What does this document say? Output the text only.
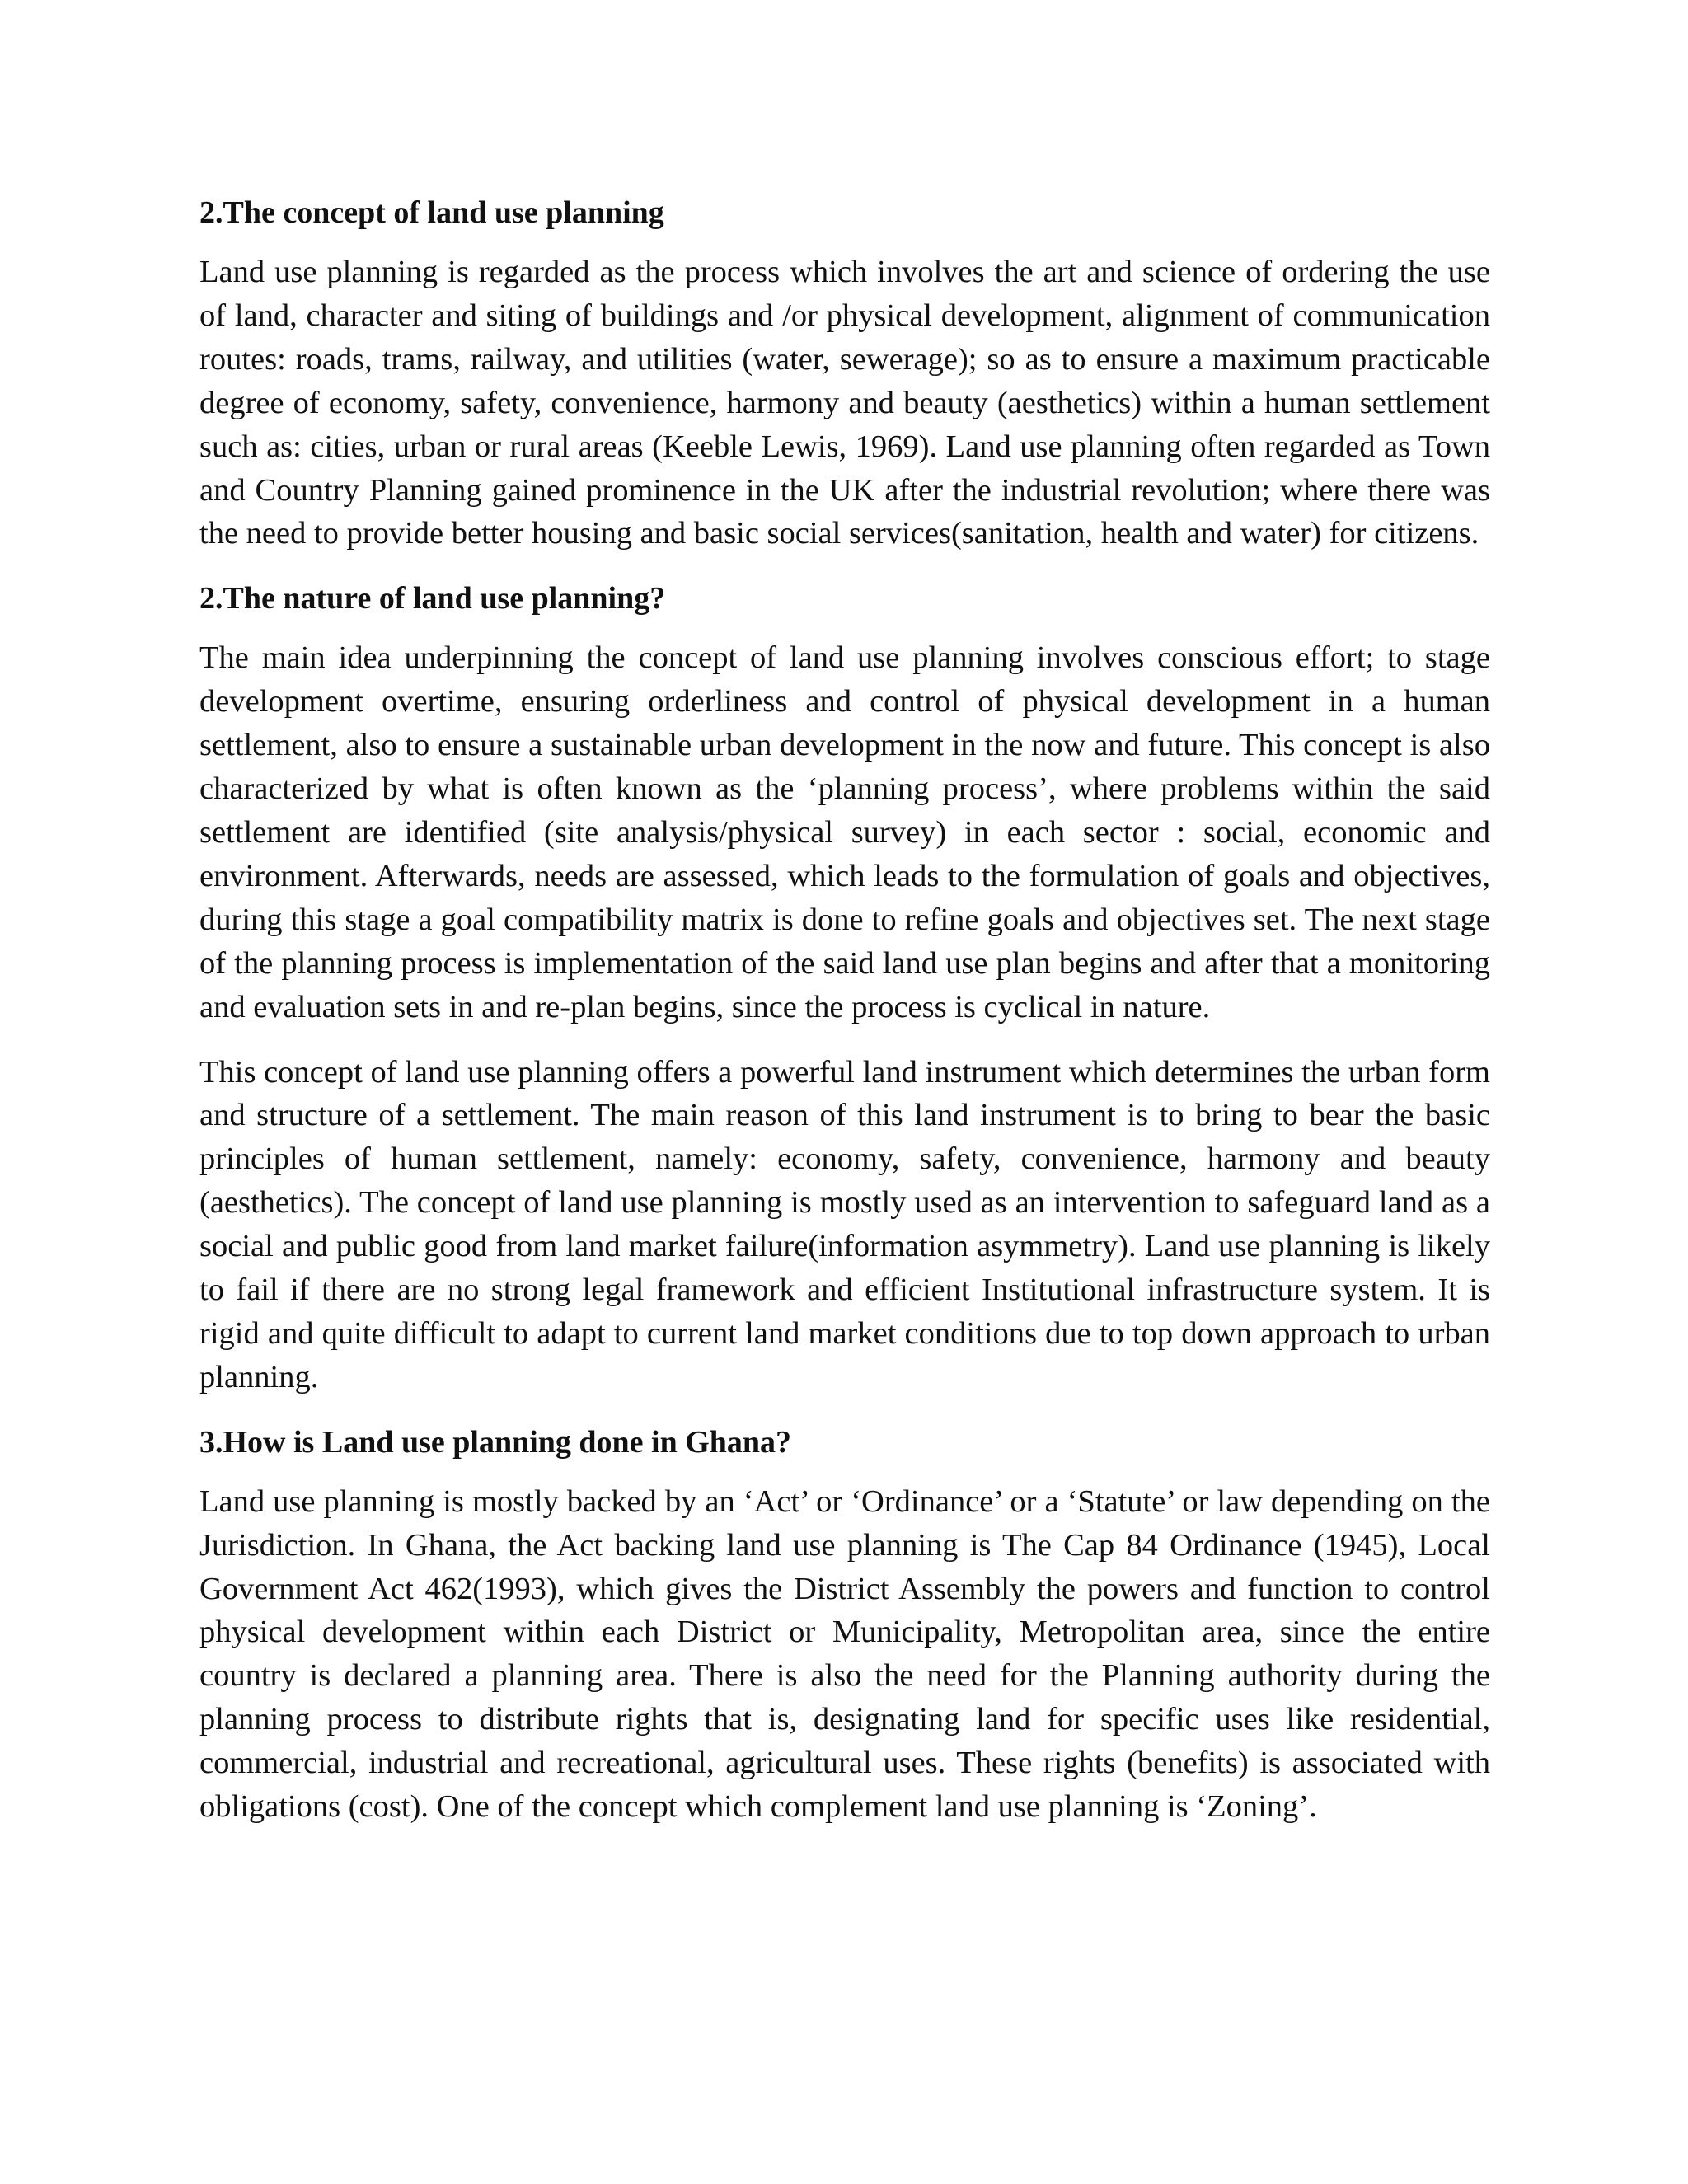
2.The concept of land use planning

Land use planning is regarded as the process which involves the art and science of ordering the use of land, character and siting of buildings and /or physical development, alignment of communication routes: roads, trams, railway, and utilities (water, sewerage); so as to ensure a maximum practicable degree of economy, safety, convenience, harmony and beauty (aesthetics) within a human settlement such as: cities, urban or rural areas (Keeble Lewis, 1969). Land use planning often regarded as Town and Country Planning gained prominence in the UK after the industrial revolution; where there was the need to provide better housing and basic social services(sanitation, health and water) for citizens.

2.The nature of land use planning?

The main idea underpinning the concept of land use planning involves conscious effort; to stage development overtime, ensuring orderliness and control of physical development in a human settlement, also to ensure a sustainable urban development in the now and future. This concept is also characterized by what is often known as the ‘planning process’, where problems within the said settlement are identified (site analysis/physical survey) in each sector : social, economic and environment. Afterwards, needs are assessed, which leads to the formulation of goals and objectives, during this stage a goal compatibility matrix is done to refine goals and objectives set. The next stage of the planning process is implementation of the said land use plan begins and after that a monitoring and evaluation sets in and re-plan begins, since the process is cyclical in nature.

This concept of land use planning offers a powerful land instrument which determines the urban form and structure of a settlement. The main reason of this land instrument is to bring to bear the basic principles of human settlement, namely: economy, safety, convenience, harmony and beauty (aesthetics). The concept of land use planning is mostly used as an intervention to safeguard land as a social and public good from land market failure(information asymmetry). Land use planning is likely to fail if there are no strong legal framework and efficient Institutional infrastructure system. It is rigid and quite difficult to adapt to current land market conditions due to top down approach to urban planning.

3.How is Land use planning done in Ghana?

Land use planning is mostly backed by an ‘Act’ or ‘Ordinance’ or a ‘Statute’ or law depending on the Jurisdiction. In Ghana, the Act backing land use planning is The Cap 84 Ordinance (1945), Local Government Act 462(1993), which gives the District Assembly the powers and function to control physical development within each District or Municipality, Metropolitan area, since the entire country is declared a planning area. There is also the need for the Planning authority during the planning process to distribute rights that is, designating land for specific uses like residential, commercial, industrial and recreational, agricultural uses. These rights (benefits) is associated with obligations (cost). One of the concept which complement land use planning is ‘Zoning’.
